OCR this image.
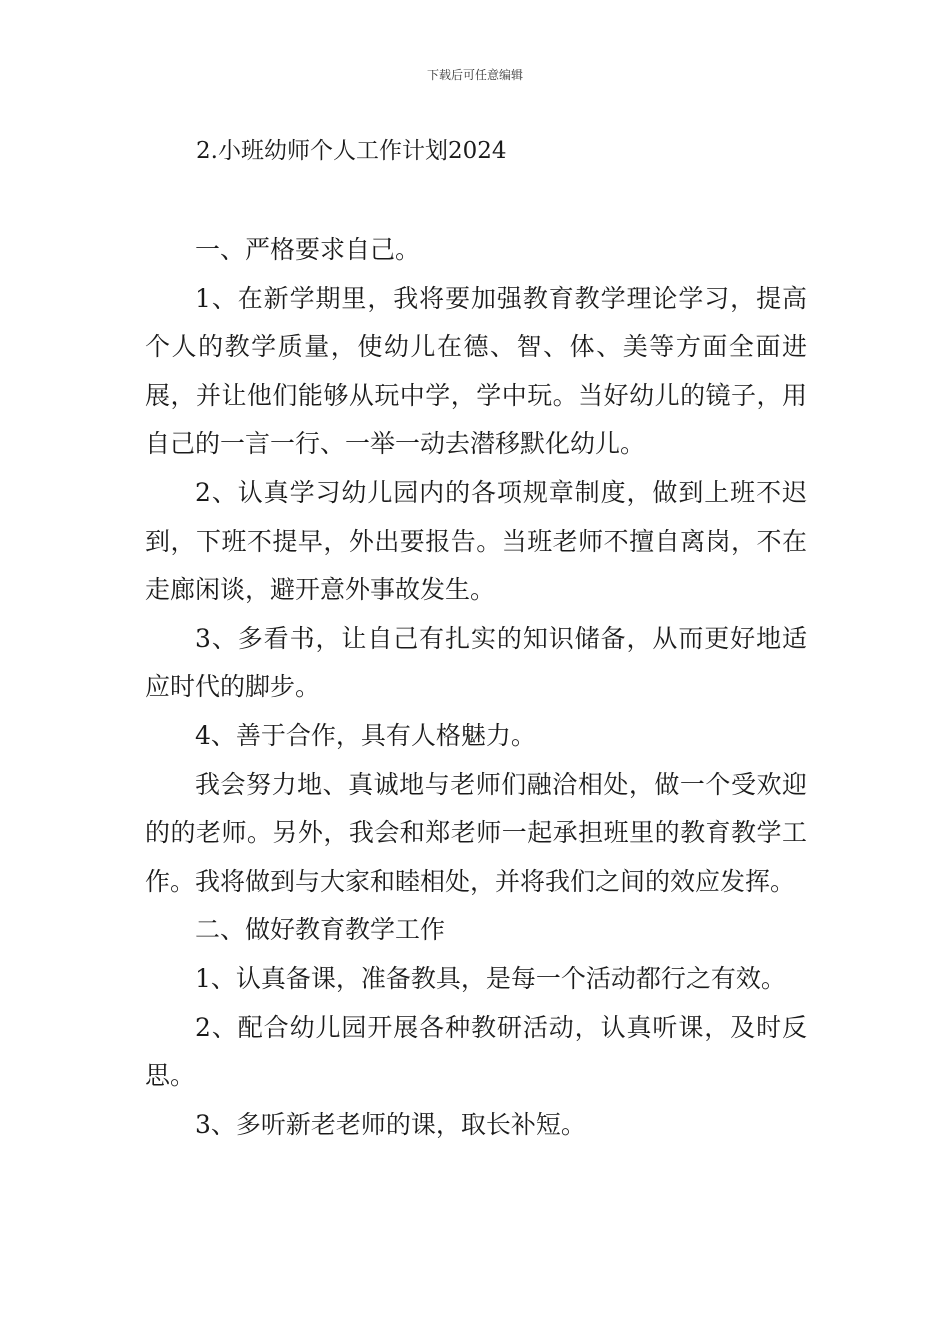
下载后可任意编辑
2.小班幼师个人工作计划2024

一、严格要求自己。

1、在新学期里，我将要加强教育教学理论学习，提高个人的教学质量，使幼儿在德、智、体、美等方面全面进展，并让他们能够从玩中学，学中玩。当好幼儿的镜子，用自己的一言一行、一举一动去潜移默化幼儿。

2、认真学习幼儿园内的各项规章制度，做到上班不迟到，下班不提早，外出要报告。当班老师不擅自离岗，不在走廊闲谈，避开意外事故发生。

3、多看书，让自己有扎实的知识储备，从而更好地适应时代的脚步。

4、善于合作，具有人格魅力。

我会努力地、真诚地与老师们融洽相处，做一个受欢迎的的老师。另外，我会和郑老师一起承担班里的教育教学工作。我将做到与大家和睦相处，并将我们之间的效应发挥。

二、做好教育教学工作

1、认真备课，准备教具，是每一个活动都行之有效。

2、配合幼儿园开展各种教研活动，认真听课，及时反思。

3、多听新老老师的课，取长补短。
